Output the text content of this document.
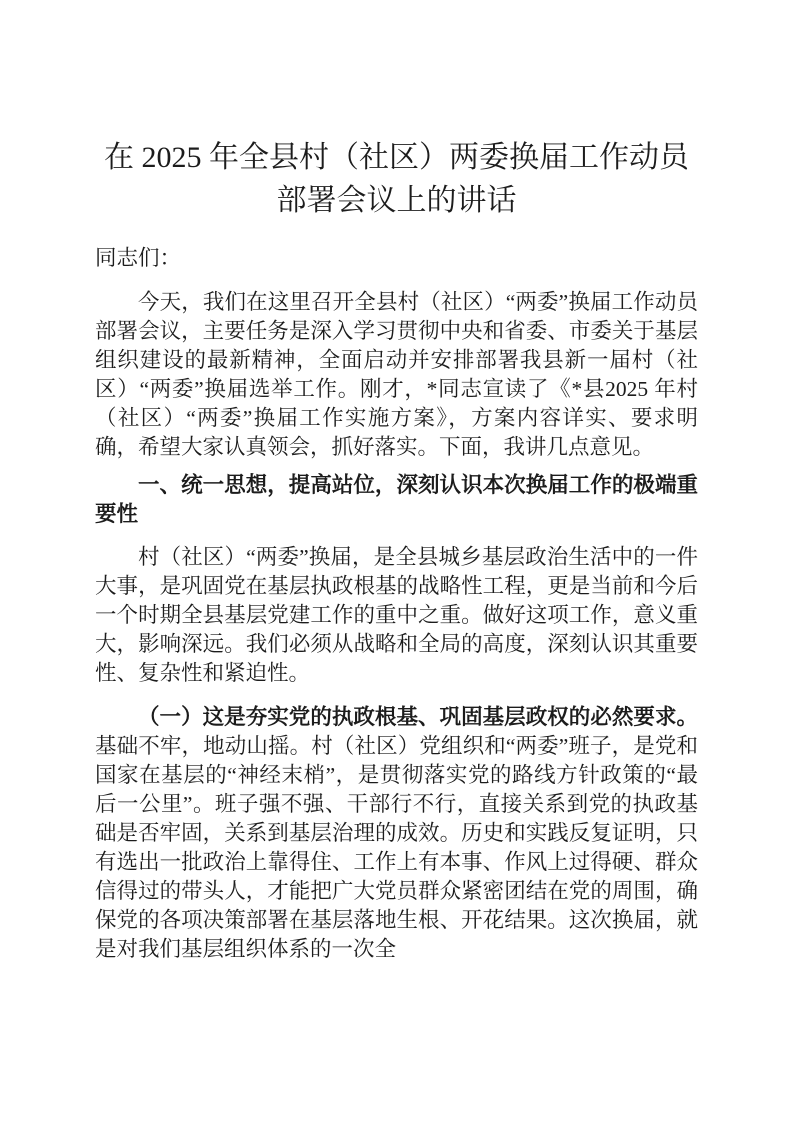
在 2025 年全县村（社区）两委换届工作动员
部署会议上的讲话

同志们：

今天，我们在这里召开全县村（社区）“两委”换届工作动员部署会议，主要任务是深入学习贯彻中央和省委、市委关于基层组织建设的最新精神，全面启动并安排部署我县新一届村（社区）“两委”换届选举工作。刚才，*同志宣读了《*县2025 年村（社区）“两委”换届工作实施方案》，方案内容详实、要求明确，希望大家认真领会，抓好落实。下面，我讲几点意见。

一、统一思想，提高站位，深刻认识本次换届工作的极端重要性

村（社区）“两委”换届，是全县城乡基层政治生活中的一件大事，是巩固党在基层执政根基的战略性工程，更是当前和今后一个时期全县基层党建工作的重中之重。做好这项工作，意义重大，影响深远。我们必须从战略和全局的高度，深刻认识其重要性、复杂性和紧迫性。

（一）这是夯实党的执政根基、巩固基层政权的必然要求。基础不牢，地动山摇。村（社区）党组织和“两委”班子，是党和国家在基层的“神经末梢”，是贯彻落实党的路线方针政策的“最后一公里”。班子强不强、干部行不行，直接关系到党的执政基础是否牢固，关系到基层治理的成效。历史和实践反复证明，只有选出一批政治上靠得住、工作上有本事、作风上过得硬、群众信得过的带头人，才能把广大党员群众紧密团结在党的周围，确保党的各项决策部署在基层落地生根、开花结果。这次换届，就是对我们基层组织体系的一次全
